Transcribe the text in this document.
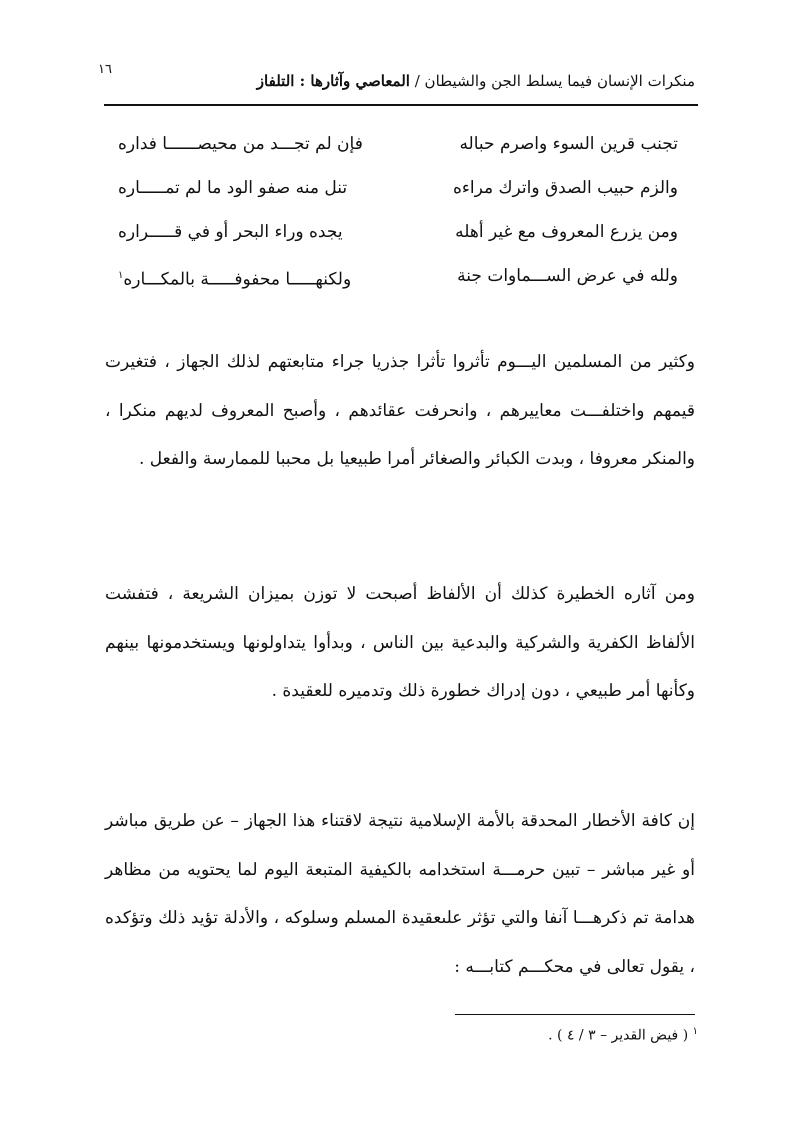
١٦
منكرات الإنسان فيما يسلط الجن والشيطان / المعاصي وآثارها : التلفاز
تجنب قرين السوء واصرم حباله
فإن لم تجـــد من محيصــــــا فداره
والزم حبيب الصدق واترك مراءه
تنل منه صفو الود ما لم تمـــــاره
ومن يزرع المعروف مع غير أهله
يجده وراء البحر أو في قـــــراره
ولله في عرض الســـماوات جنة
ولكنهـــــا محفوفـــــة بالمكـــاره$^١$

وكثير من المسلمين اليـــوم تأثروا تأثرا جذريا جراء متابعتهم لذلك الجهاز ، فتغيرت قيمهم واختلفـــت معاييرهم ، وانحرفت عقائدهم ، وأصبح المعروف لديهم منكرا ، والمنكر معروفا ، وبدت الكبائر والصغائر أمرا طبيعيا بل محببا للممارسة والفعل .

ومن آثاره الخطيرة كذلك أن الألفاظ أصبحت لا توزن بميزان الشريعة ، فتفشت الألفاظ الكفرية والشركية والبدعية بين الناس ، وبدأوا يتداولونها ويستخدمونها بينهم وكأنها أمر طبيعي ، دون إدراك خطورة ذلك وتدميره للعقيدة .

إن كافة الأخطار المحدقة بالأمة الإسلامية نتيجة لاقتناء هذا الجهاز – عن طريق مباشر أو غير مباشر – تبين حرمـــة استخدامه بالكيفية المتبعة اليوم لما يحتويه من مظاهر هدامة تم ذكرهـــا آنفا والتي تؤثر علىعقيدة المسلم وسلوكه ، والأدلة تؤيد ذلك وتؤكده ، يقول تعالى في محكـــم كتابـــه :

$^١$ ( فيض القدير – ٣ / ٤ ) .
